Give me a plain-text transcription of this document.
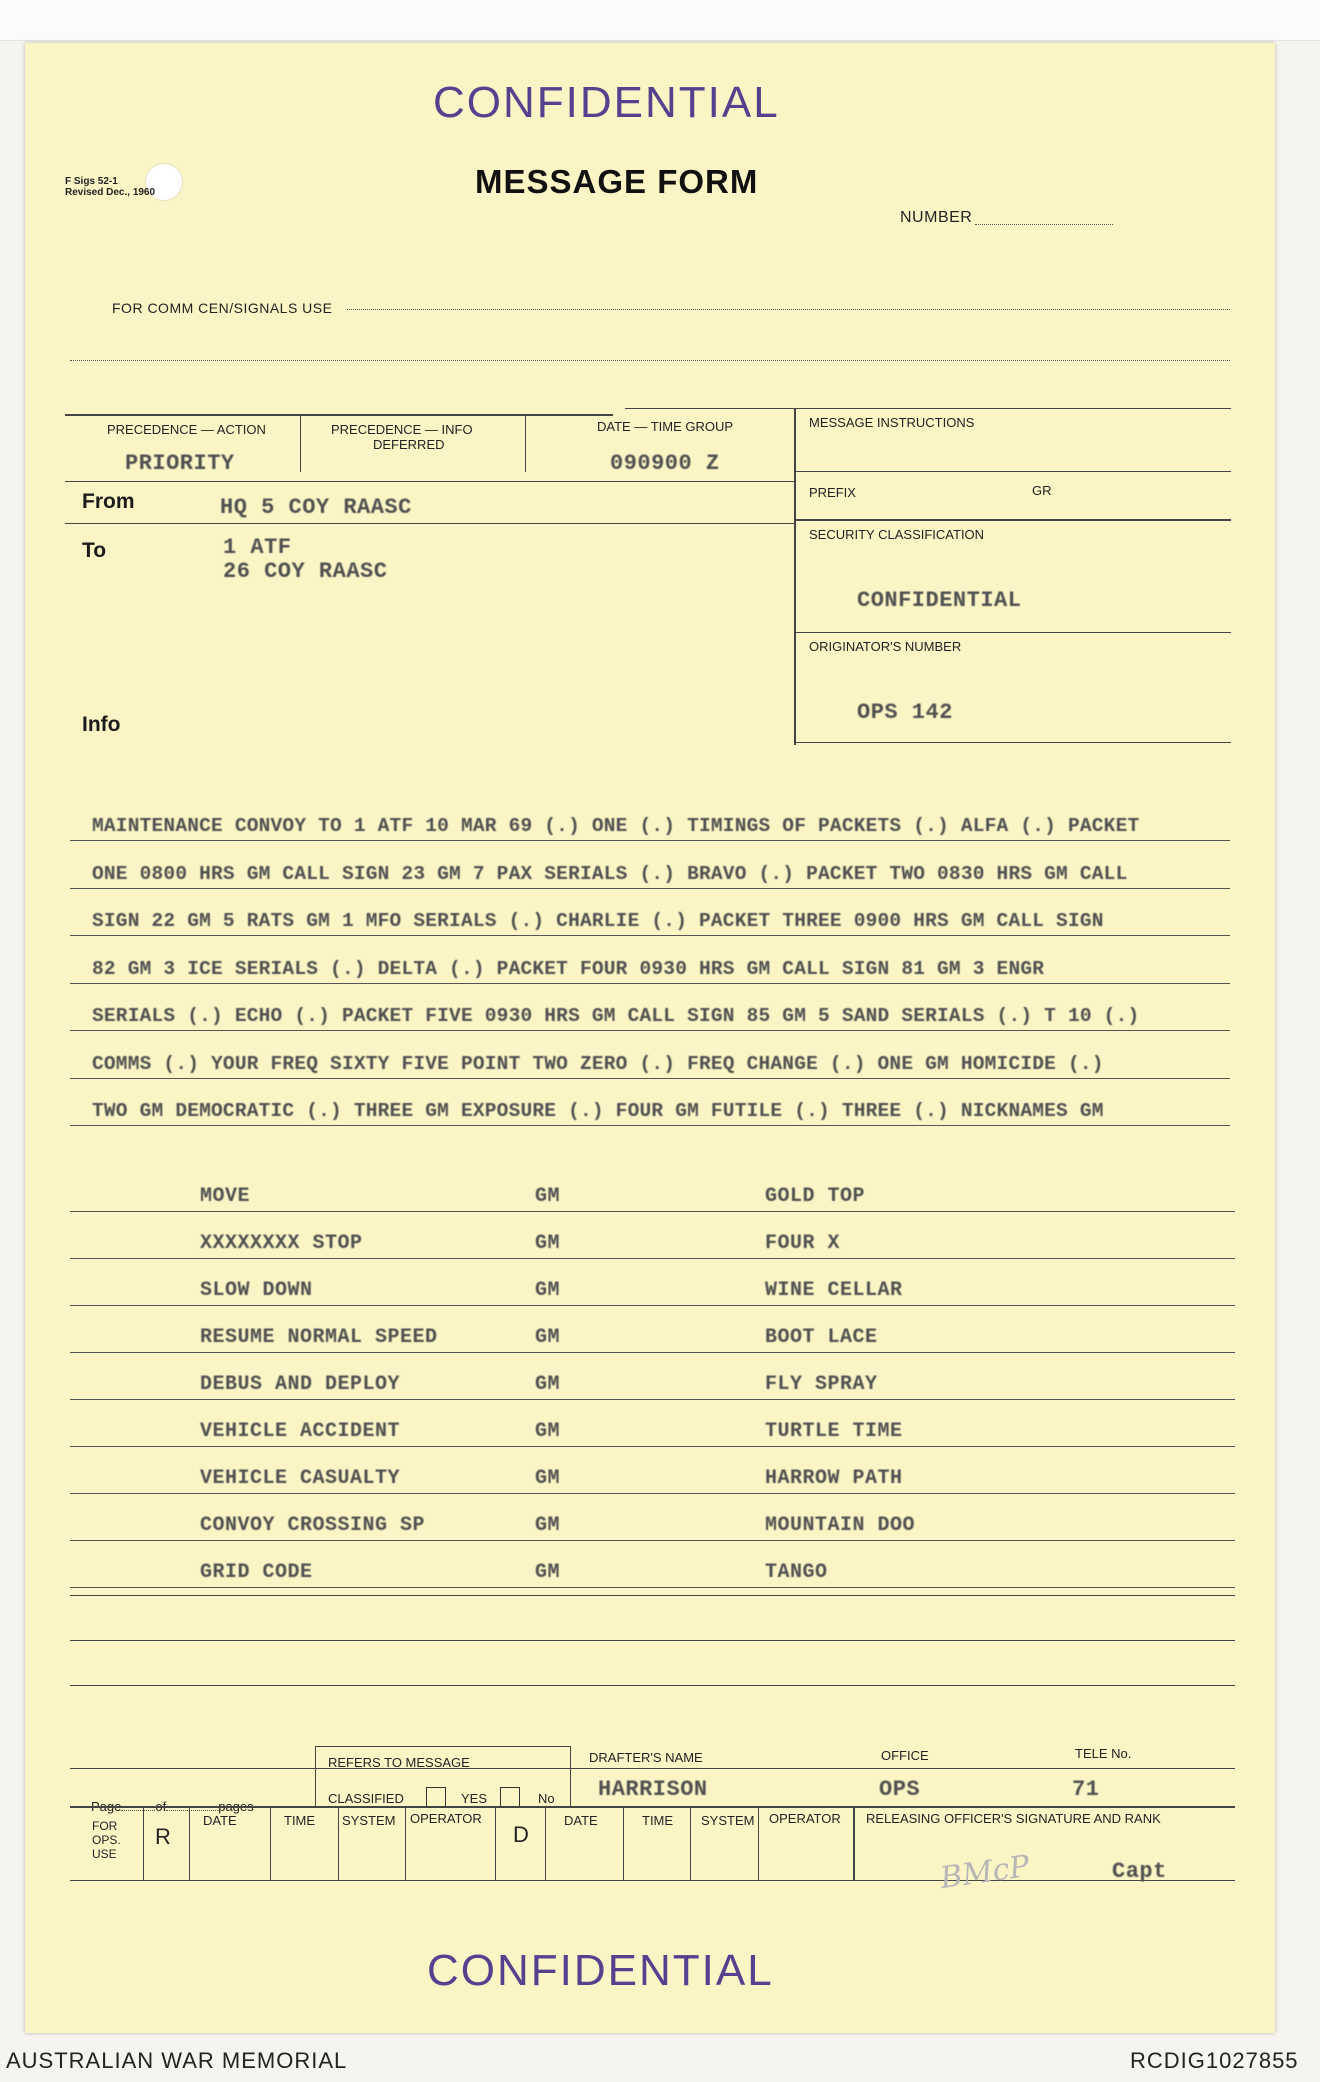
CONFIDENTIAL
F Sigs 52-1
Revised Dec., 1960	MESSAGE FORM
NUMBER
FOR COMM CEN/SIGNALS USE
PRECEDENCE — ACTION
PRIORITY
PRECEDENCE — INFO
DEFERRED
DATE — TIME GROUP
090900 Z
MESSAGE INSTRUCTIONS
PREFIX	GR
SECURITY CLASSIFICATION
CONFIDENTIAL
ORIGINATOR'S NUMBER
OPS 142
From	HQ 5 COY RAASC
To	1 ATF
26 COY RAASC
Info
MAINTENANCE CONVOY TO 1 ATF 10 MAR 69 (.) ONE (.) TIMINGS OF PACKETS (.) ALFA (.) PACKET
ONE 0800 HRS GM CALL SIGN 23 GM 7 PAX SERIALS (.) BRAVO (.) PACKET TWO 0830 HRS GM CALL
SIGN 22 GM 5 RATS GM 1 MFO SERIALS (.) CHARLIE (.) PACKET THREE 0900 HRS GM CALL SIGN
82 GM 3 ICE SERIALS (.) DELTA (.) PACKET FOUR 0930 HRS GM CALL SIGN 81 GM 3 ENGR
SERIALS (.) ECHO (.) PACKET FIVE 0930 HRS GM CALL SIGN 85 GM 5 SAND SERIALS (.) T 10 (.)
COMMS (.) YOUR FREQ SIXTY FIVE POINT TWO ZERO (.) FREQ CHANGE (.) ONE GM HOMICIDE (.)
TWO GM DEMOCRATIC (.) THREE GM EXPOSURE (.) FOUR GM FUTILE (.) THREE (.) NICKNAMES GM
MOVE	GM	GOLD TOP
XXXXXXXX STOP	GM	FOUR X
SLOW DOWN	GM	WINE CELLAR
RESUME NORMAL SPEED	GM	BOOT LACE
DEBUS AND DEPLOY	GM	FLY SPRAY
VEHICLE ACCIDENT	GM	TURTLE TIME
VEHICLE CASUALTY	GM	HARROW PATH
CONVOY CROSSING SP	GM	MOUNTAIN DOO
GRID CODE	GM	TANGO
REFERS TO MESSAGE
CLASSIFIED	YES	No
Page	of	pages
DRAFTER'S NAME
HARRISON
OFFICE
OPS
TELE No.
71
FOR OPS. USE
R
DATE	TIME SYSTEM OPERATOR
D
DATE	TIME SYSTEM OPERATOR RELEASING OFFICER'S SIGNATURE AND RANK
BMcP	Capt
CONFIDENTIAL
AUSTRALIAN WAR MEMORIAL	RCDIG1027855
